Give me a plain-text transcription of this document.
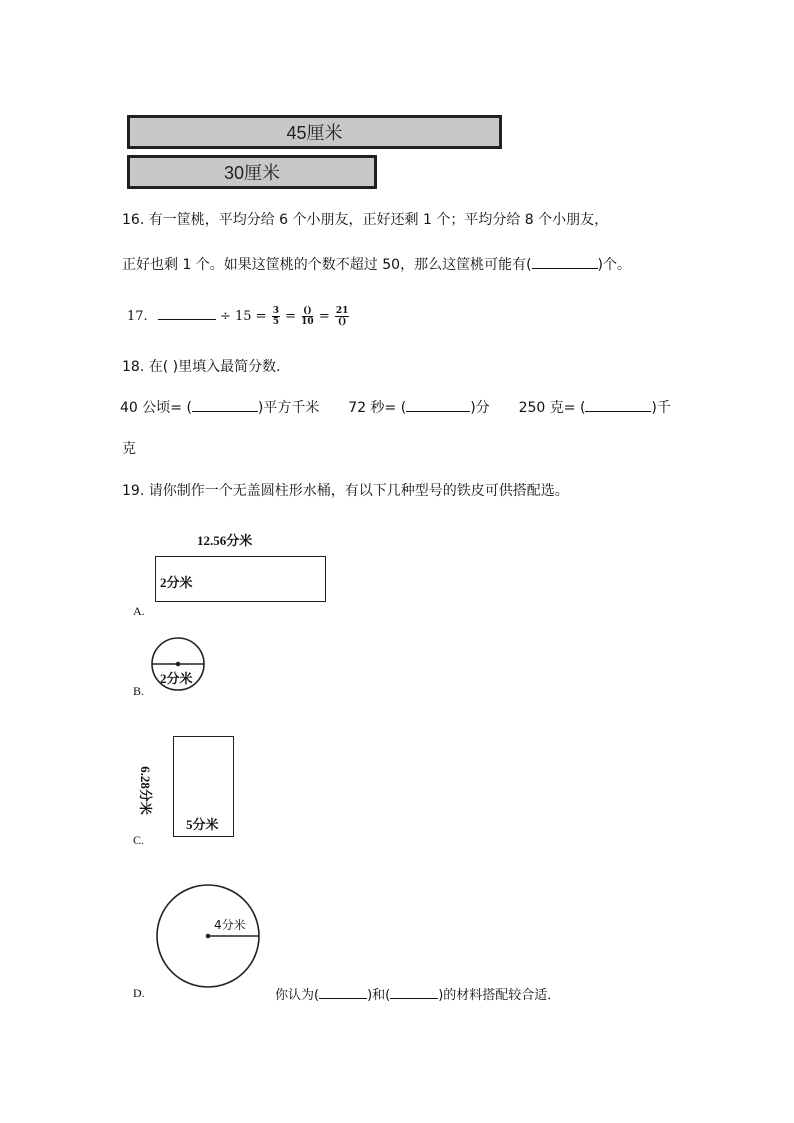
45厘米
30厘米
16. 有一筐桃，平均分给 6 个小朋友，正好还剩 1 个；平均分给 8 个小朋友，
正好也剩 1 个。如果这筐桃的个数不超过 50，那么这筐桃可能有(	)个。
17.	÷ $15 = \frac{3}{5} = \frac{()}{10} = \frac{21}{()}$
18. 在( )里填入最简分数．
40 公顷= (	)平方千米 72 秒= (	)分 250 克= (	)千
克
19. 请你制作一个无盖圆柱形水桶，有以下几种型号的铁皮可供搭配选。
12.56分米
2分米
A.
2分米
B.
6.28分米
5分米
C.
4分米
D.	你认为(	)和(	)的材料搭配较合适．
